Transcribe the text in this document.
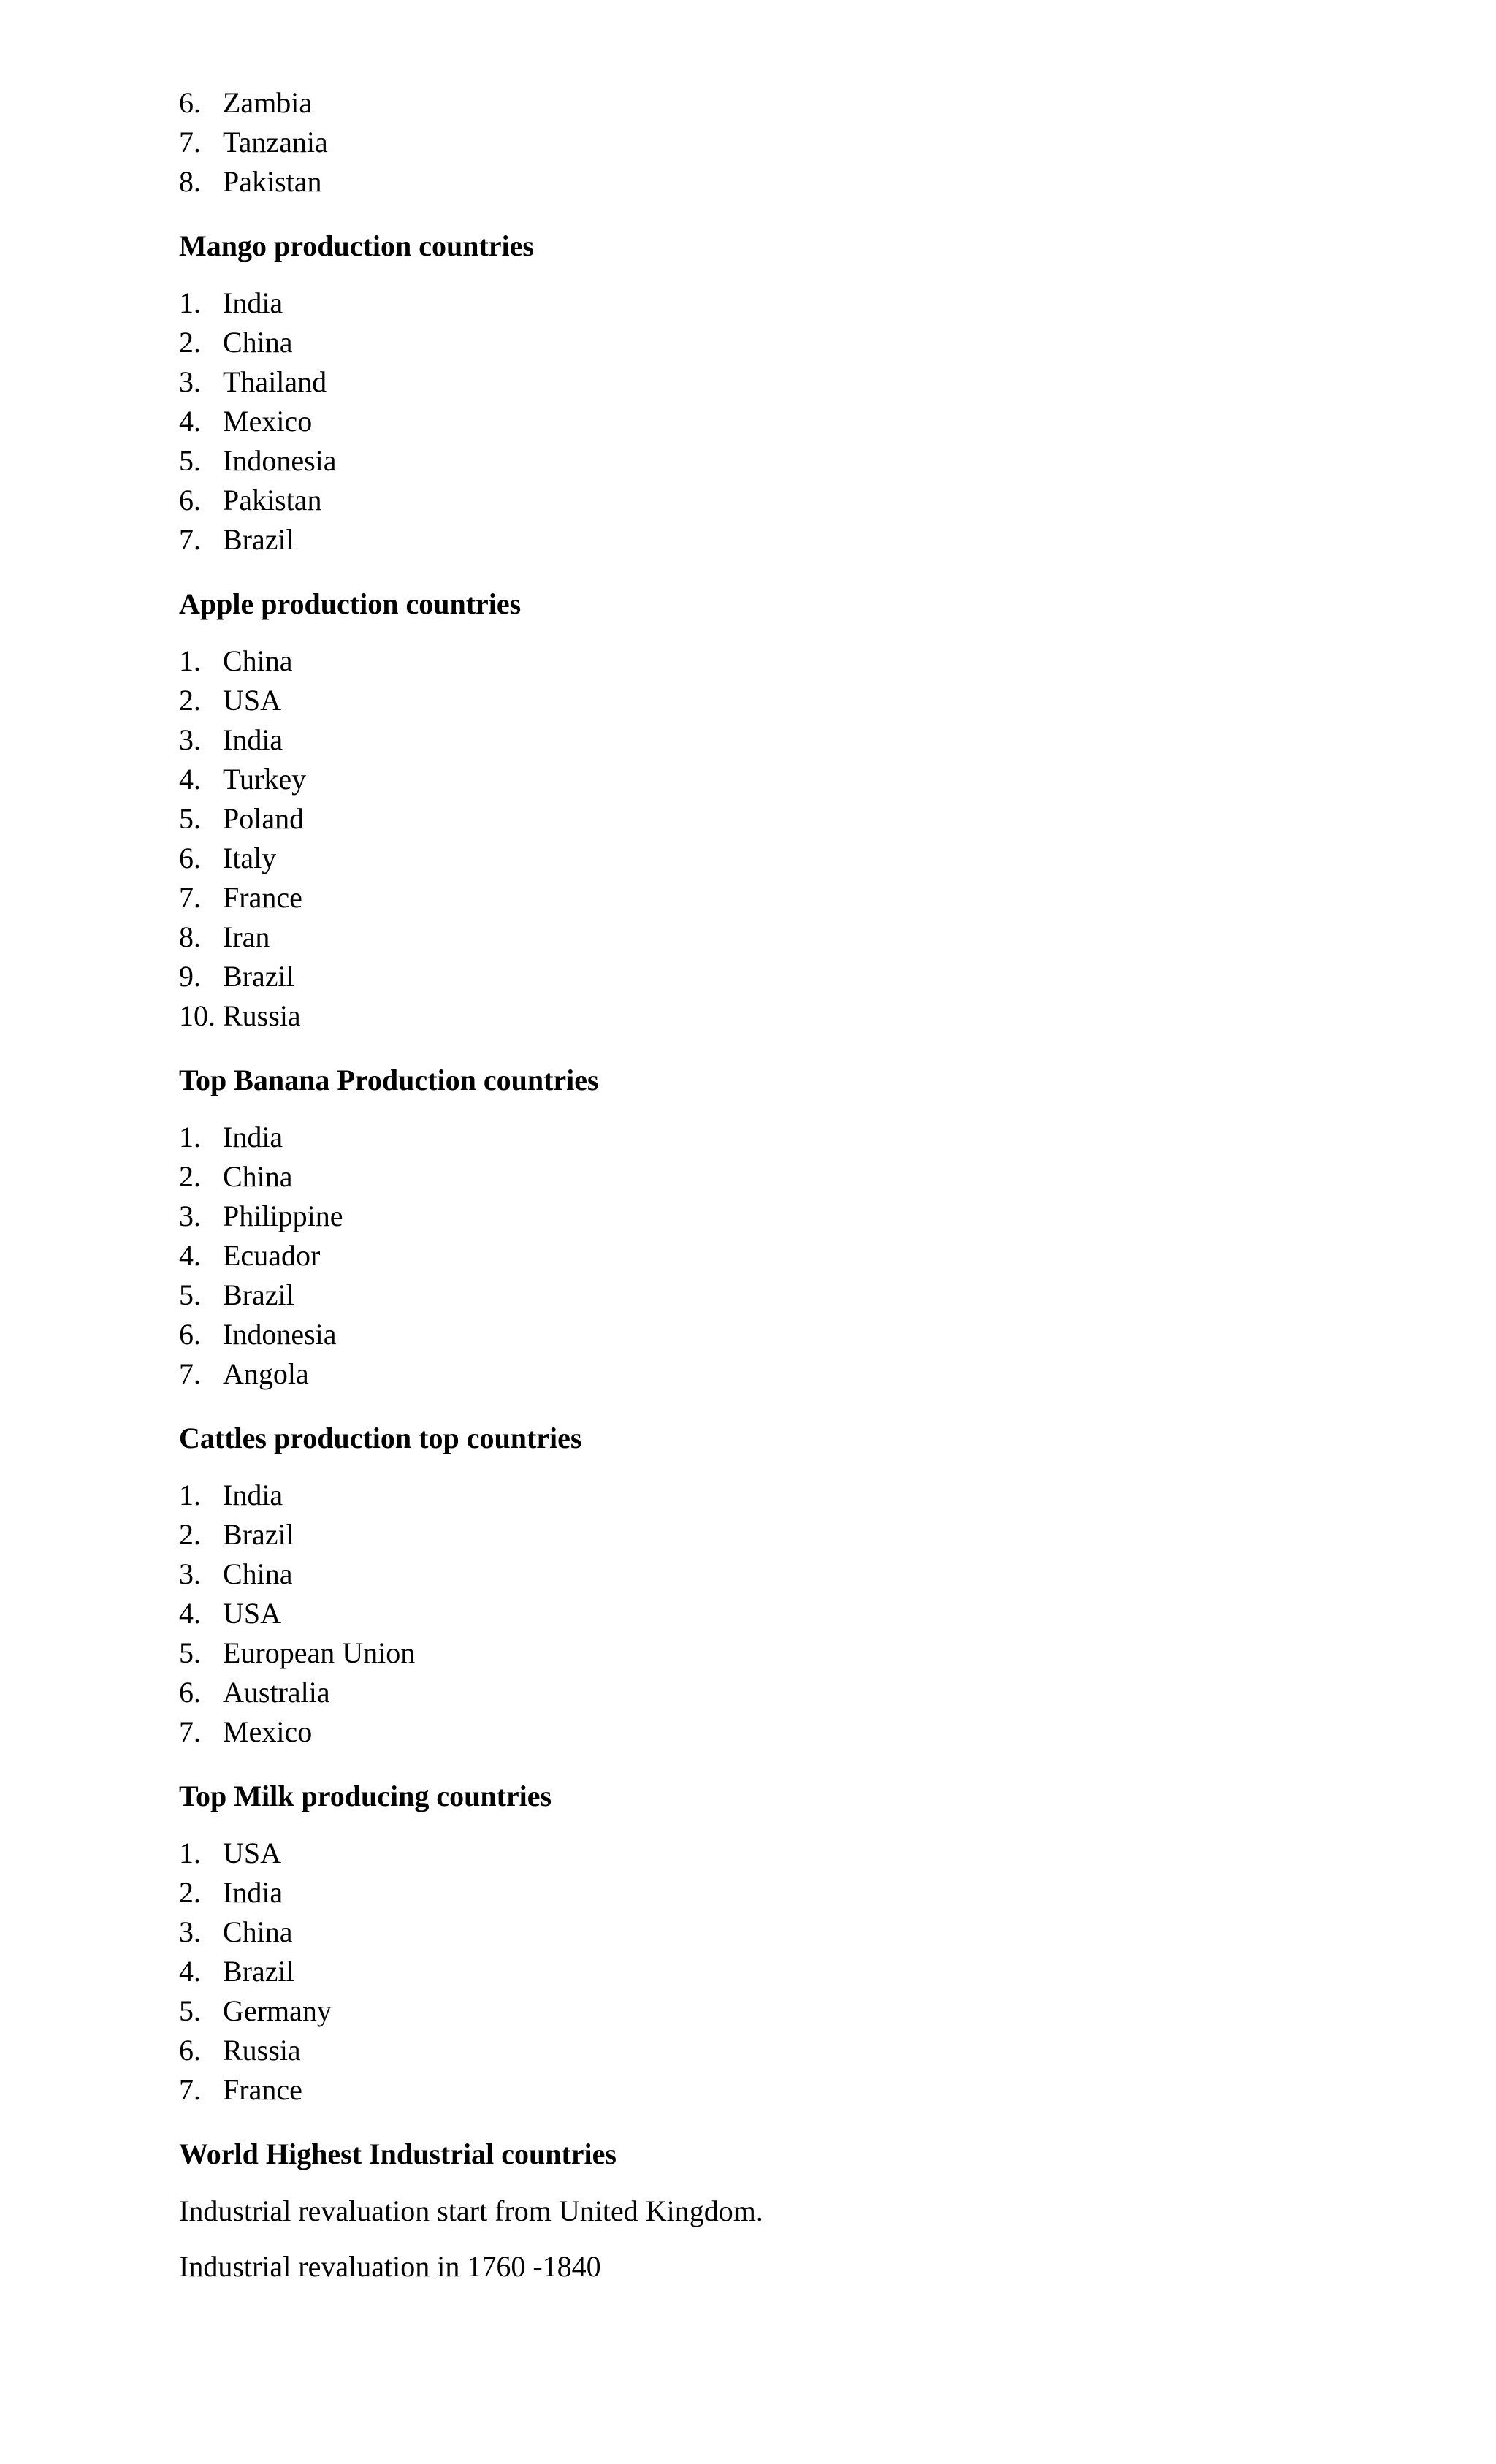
6. Zambia
7. Tanzania
8. Pakistan
Mango production countries
1. India
2. China
3. Thailand
4. Mexico
5. Indonesia
6. Pakistan
7. Brazil
Apple production countries
1. China
2. USA
3. India
4. Turkey
5. Poland
6. Italy
7. France
8. Iran
9. Brazil
10. Russia
Top Banana Production countries
1. India
2. China
3. Philippine
4. Ecuador
5. Brazil
6. Indonesia
7. Angola
Cattles production top countries
1. India
2. Brazil
3. China
4. USA
5. European Union
6. Australia
7. Mexico
Top Milk producing countries
1. USA
2. India
3. China
4. Brazil
5. Germany
6. Russia
7. France
World Highest Industrial countries
Industrial revaluation start from United Kingdom.
Industrial revaluation in 1760 -1840
